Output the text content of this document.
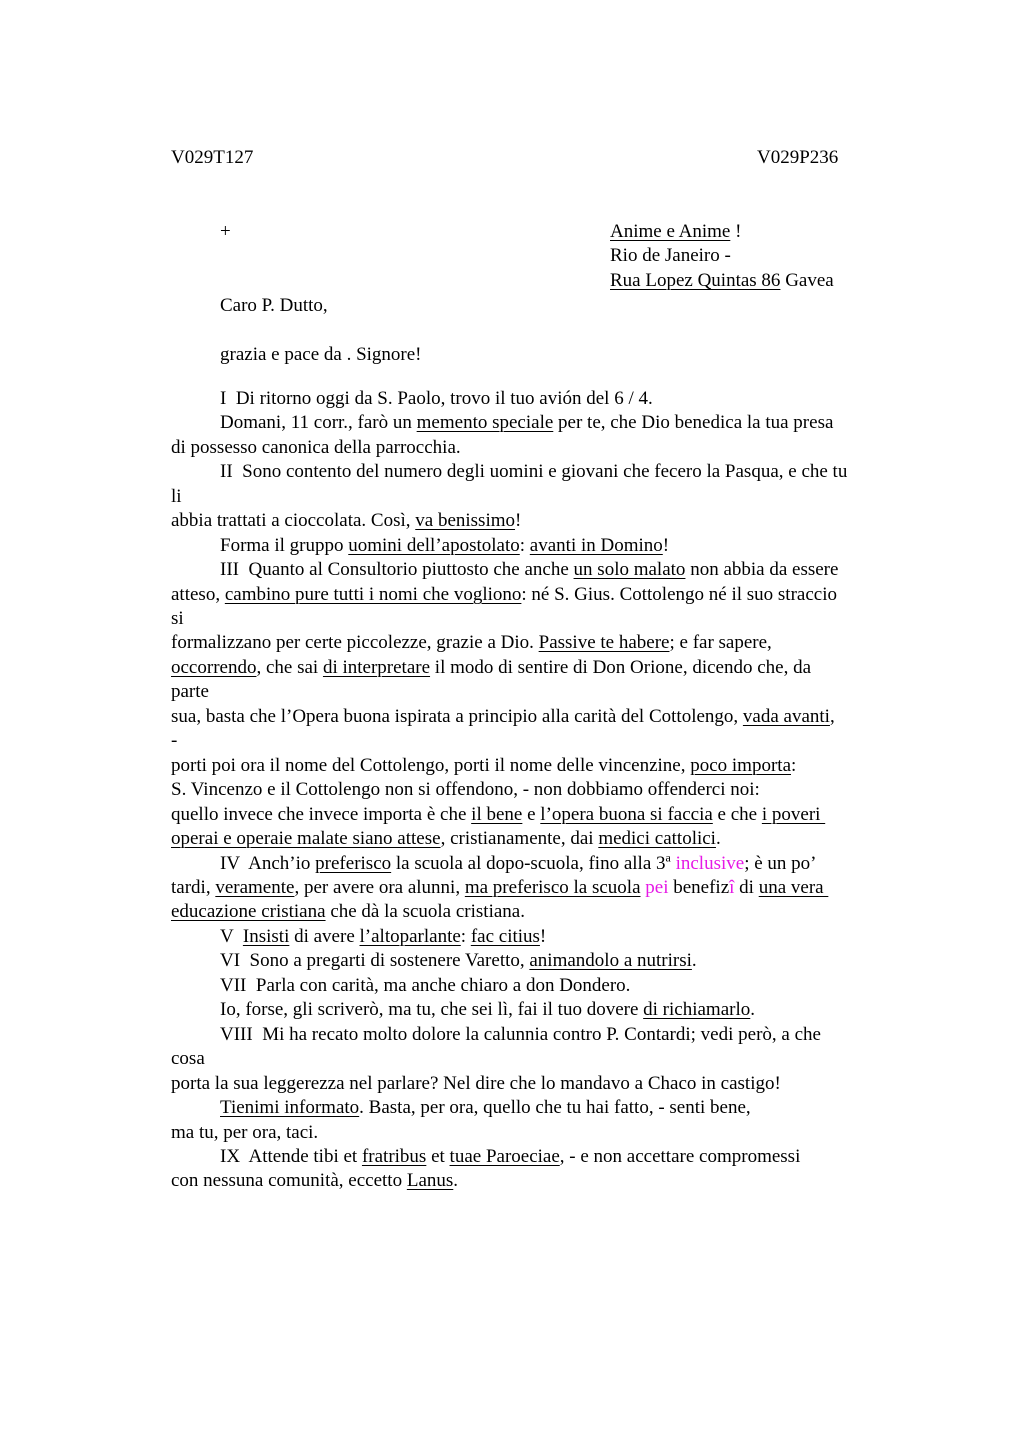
V029T127	V029P236
+	Anime e Anime !
Rio de Janeiro -
Rua Lopez Quintas 86 Gavea
Caro P. Dutto,
grazia e pace da . Signore!
I  Di ritorno oggi da S. Paolo, trovo il tuo avión del 6 / 4.
Domani, 11 corr., farò un memento speciale per te, che Dio benedica la tua presa
di possesso canonica della parrocchia.
II  Sono contento del numero degli uomini e giovani che fecero la Pasqua, e che tu
li
abbia trattati a cioccolata. Così, va benissimo!
Forma il gruppo uomini dell’apostolato: avanti in Domino!
III  Quanto al Consultorio piuttosto che anche un solo malato non abbia da essere
atteso, cambino pure tutti i nomi che vogliono: né S. Gius. Cottolengo né il suo straccio
si
formalizzano per certe piccolezze, grazie a Dio. Passive te habere; e far sapere,
occorrendo, che sai di interpretare il modo di sentire di Don Orione, dicendo che, da
parte
sua, basta che l’Opera buona ispirata a principio alla carità del Cottolengo, vada avanti,
-
porti poi ora il nome del Cottolengo, porti il nome delle vincenzine, poco importa:
S. Vincenzo e il Cottolengo non si offendono, - non dobbiamo offenderci noi:
quello invece che invece importa è che il bene e l’opera buona si faccia e che i poveri
operai e operaie malate siano attese, cristianamente, dai medici cattolici.
IV  Anch’io preferisco la scuola al dopo-scuola, fino alla 3$^a$ inclusive; è un po’
tardi, veramente, per avere ora alunni, ma preferisco la scuola pei benefizî di una vera
educazione cristiana che dà la scuola cristiana.
V  Insisti di avere l’altoparlante: fac citius!
VI  Sono a pregarti di sostenere Varetto, animandolo a nutrirsi.
VII  Parla con carità, ma anche chiaro a don Dondero.
Io, forse, gli scriverò, ma tu, che sei lì, fai il tuo dovere di richiamarlo.
VIII  Mi ha recato molto dolore la calunnia contro P. Contardi; vedi però, a che
cosa
porta la sua leggerezza nel parlare? Nel dire che lo mandavo a Chaco in castigo!
Tienimi informato. Basta, per ora, quello che tu hai fatto, - senti bene,
ma tu, per ora, taci.
IX  Attende tibi et fratribus et tuae Paroeciae, - e non accettare compromessi
con nessuna comunità, eccetto Lanus.
